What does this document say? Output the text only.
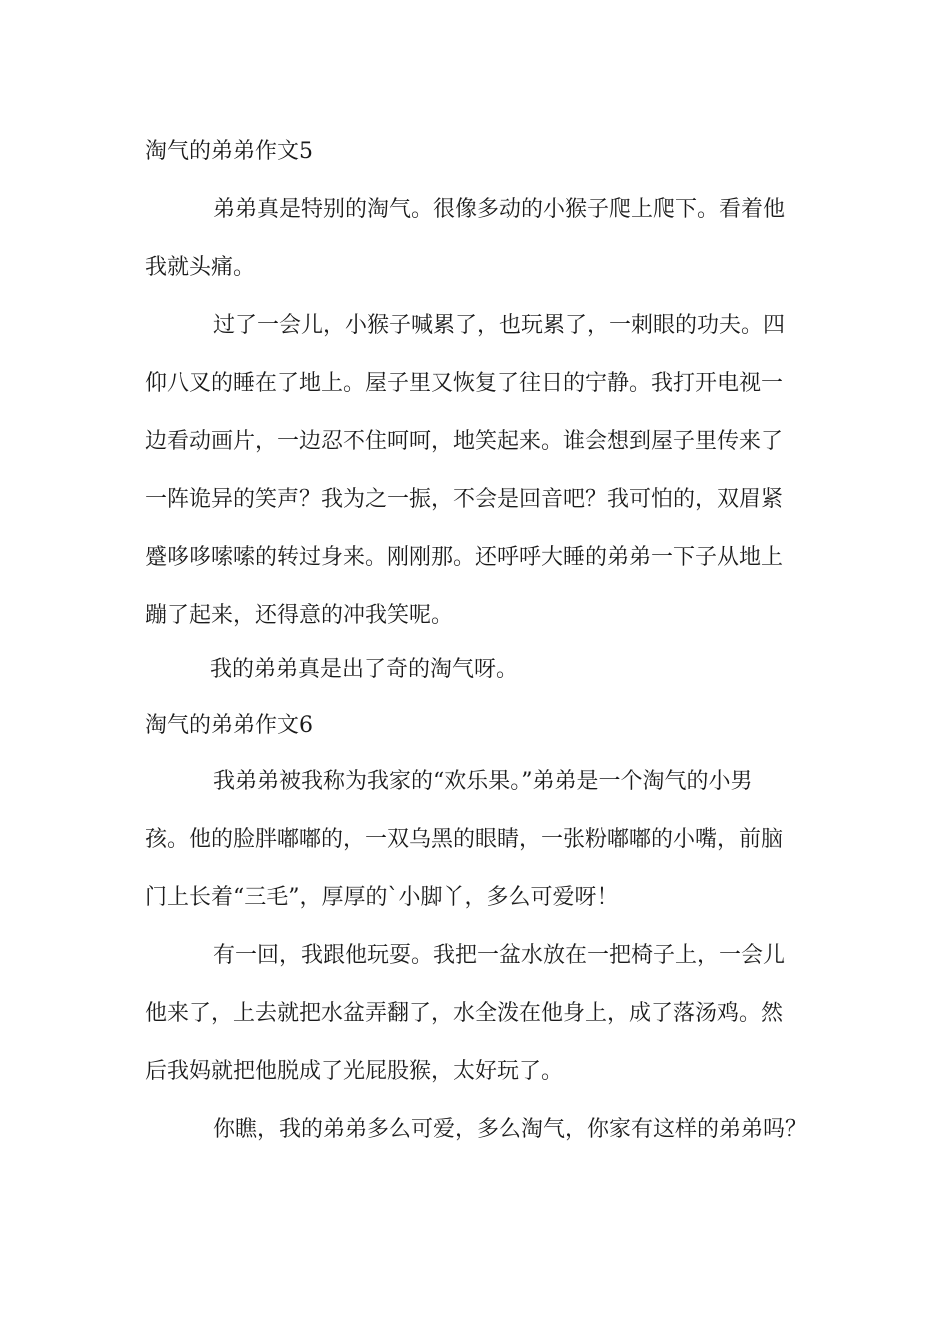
淘气的弟弟作文5
弟弟真是特别的淘气。很像多动的小猴子爬上爬下。看着他
我就头痛。
过了一会儿，小猴子喊累了，也玩累了，一刺眼的功夫。四
仰八叉的睡在了地上。屋子里又恢复了往日的宁静。我打开电视一
边看动画片，一边忍不住呵呵，地笑起来。谁会想到屋子里传来了
一阵诡异的笑声？我为之一振，不会是回音吧？我可怕的，双眉紧
蹙哆哆嗦嗦的转过身来。刚刚那。还呼呼大睡的弟弟一下子从地上
蹦了起来，还得意的冲我笑呢。
我的弟弟真是出了奇的淘气呀。
淘气的弟弟作文6
我弟弟被我称为我家的“欢乐果。”弟弟是一个淘气的小男
孩。他的脸胖嘟嘟的，一双乌黑的眼睛，一张粉嘟嘟的小嘴，前脑
门上长着“三毛”，厚厚的`小脚丫，多么可爱呀！
有一回，我跟他玩耍。我把一盆水放在一把椅子上，一会儿
他来了，上去就把水盆弄翻了，水全泼在他身上，成了落汤鸡。然
后我妈就把他脱成了光屁股猴，太好玩了。
你瞧，我的弟弟多么可爱，多么淘气，你家有这样的弟弟吗？
